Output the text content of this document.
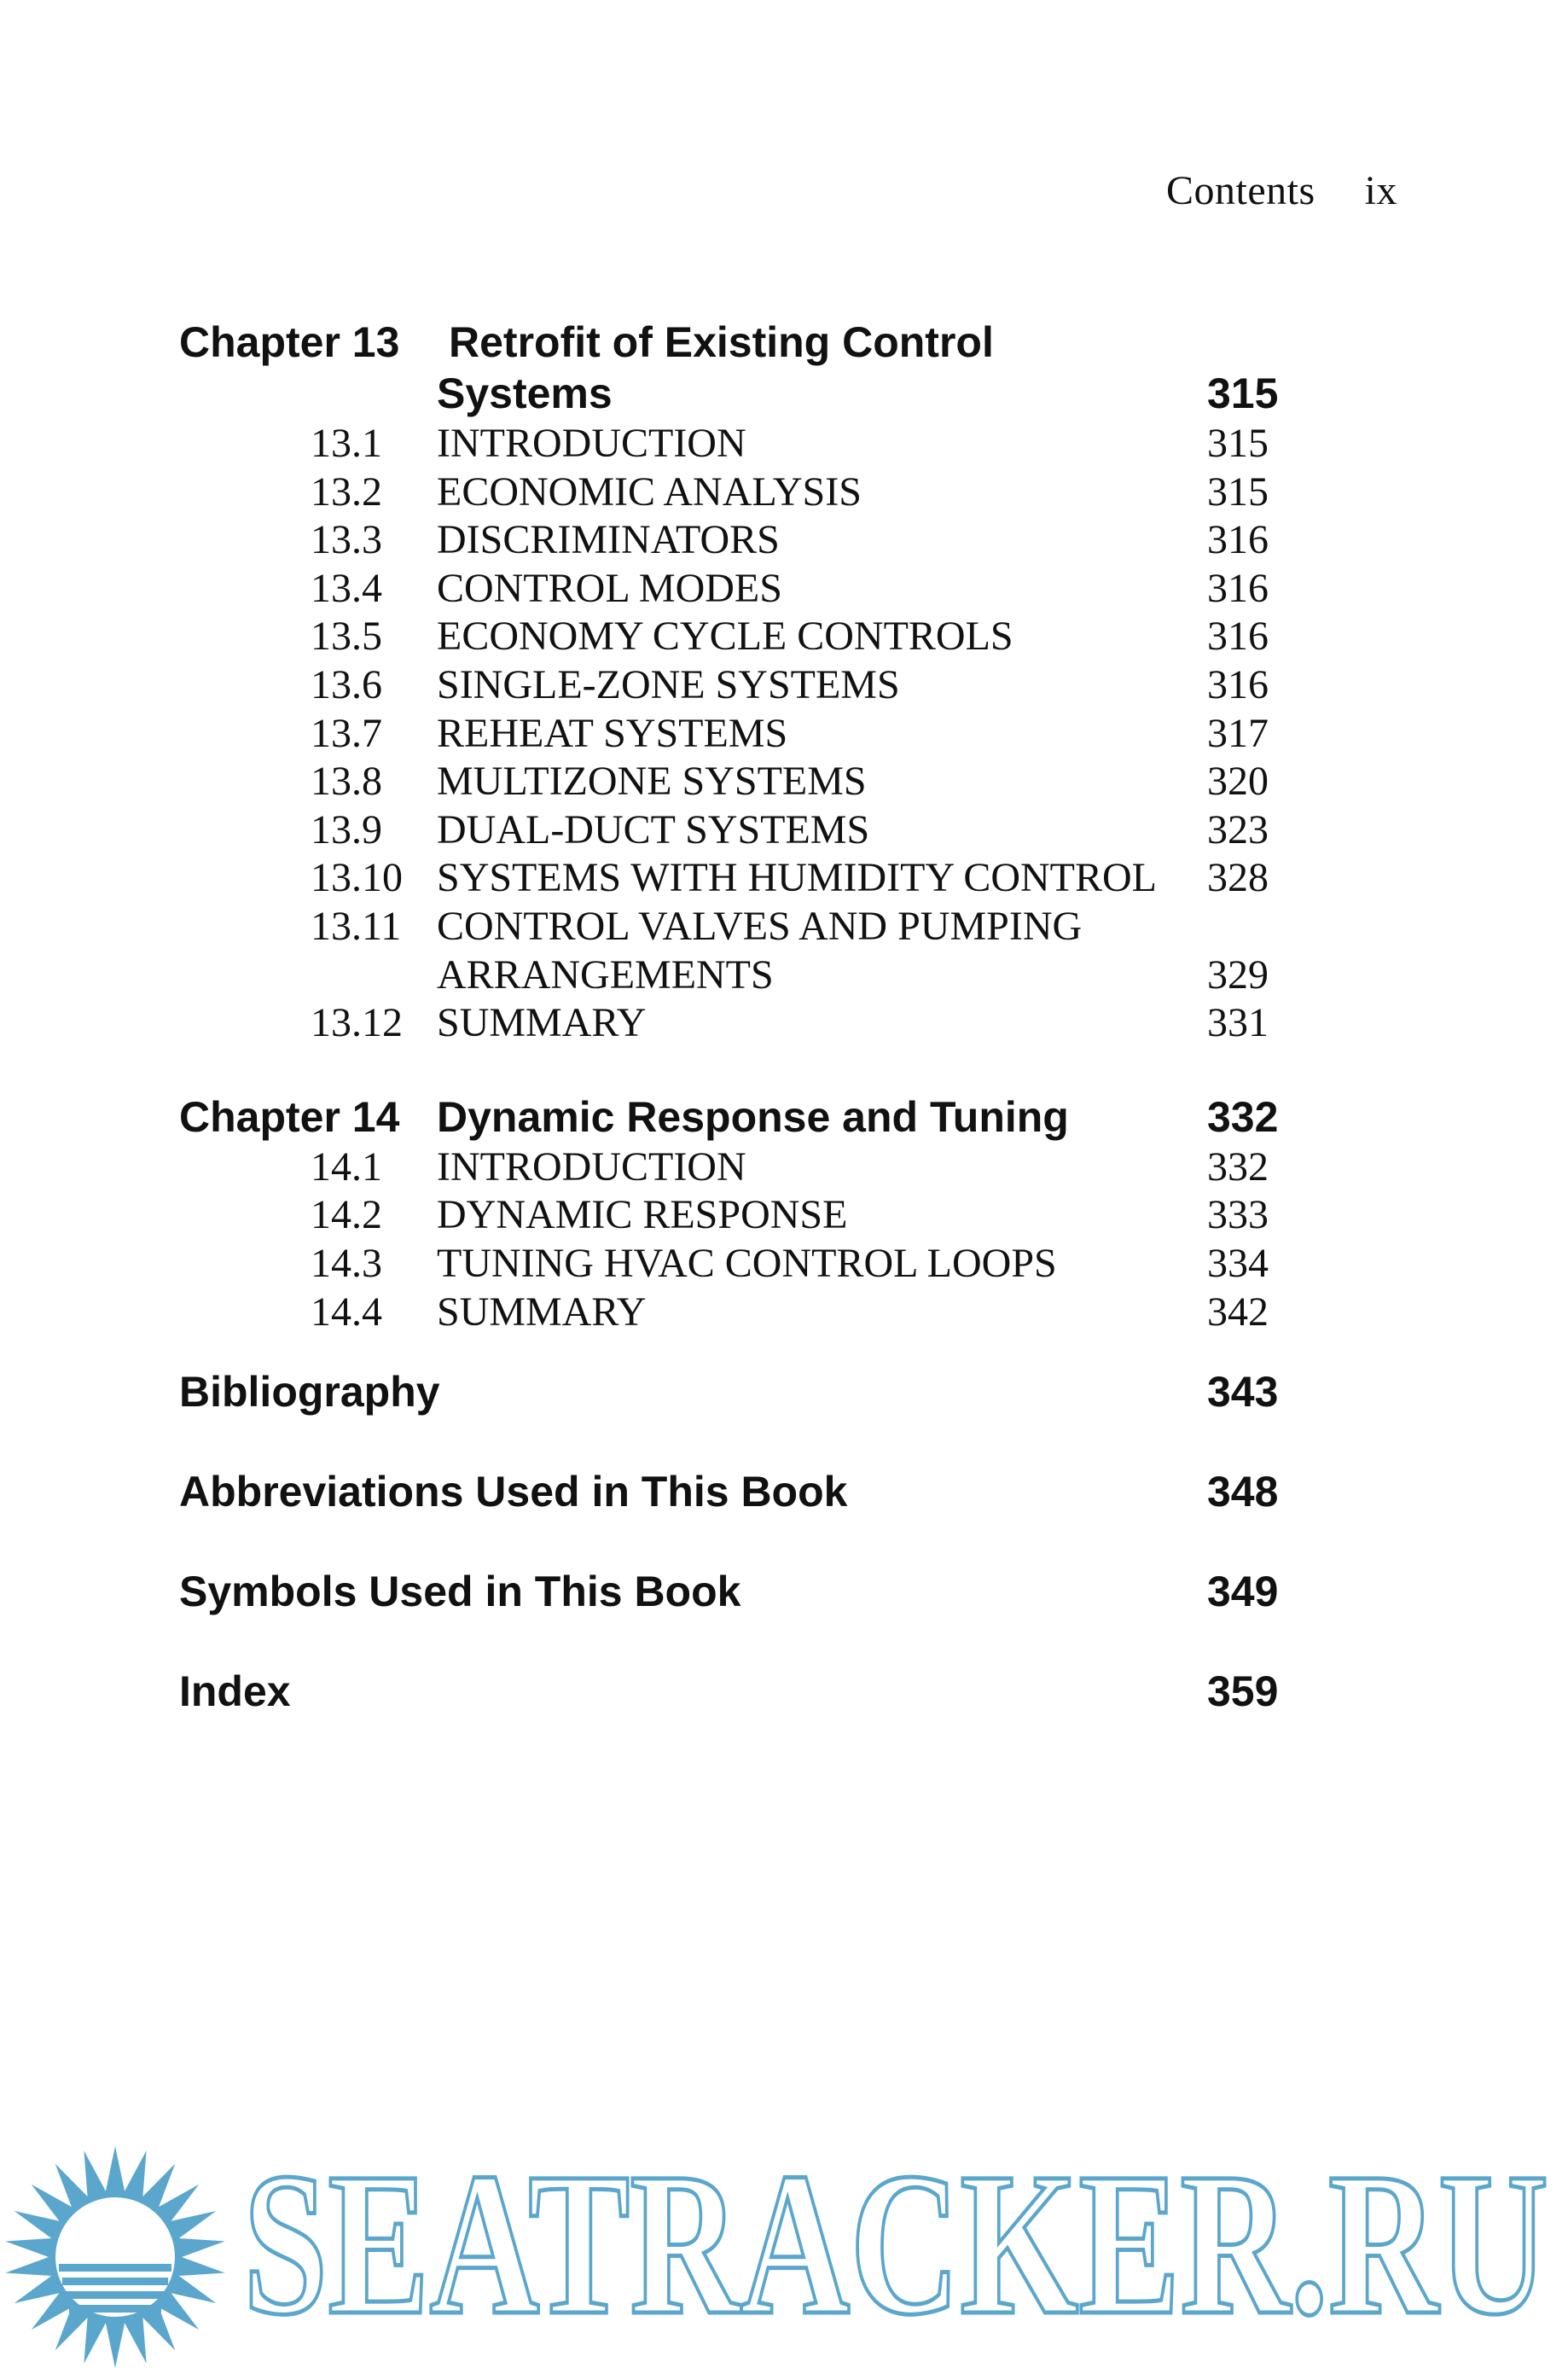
Contents ix
Chapter 13 Retrofit of Existing Control
Systems	315
13.1 INTRODUCTION	315
13.2 ECONOMIC ANALYSIS	315
13.3 DISCRIMINATORS	316
13.4 CONTROL MODES	316
13.5 ECONOMY CYCLE CONTROLS	316
13.6 SINGLE-ZONE SYSTEMS	316
13.7 REHEAT SYSTEMS	317
13.8 MULTIZONE SYSTEMS	320
13.9 DUAL-DUCT SYSTEMS	323
13.10 SYSTEMS WITH HUMIDITY CONTROL 328
13.11 CONTROL VALVES AND PUMPING
ARRANGEMENTS	329
13.12 SUMMARY	331
Chapter 14 Dynamic Response and Tuning	332
14.1 INTRODUCTION	332
14.2 DYNAMIC RESPONSE	333
14.3 TUNING HVAC CONTROL LOOPS	334
14.4 SUMMARY	342
Bibliography	343
Abbreviations Used in This Book	348
Symbols Used in This Book	349
Index	359
SEATRACKER.RU
